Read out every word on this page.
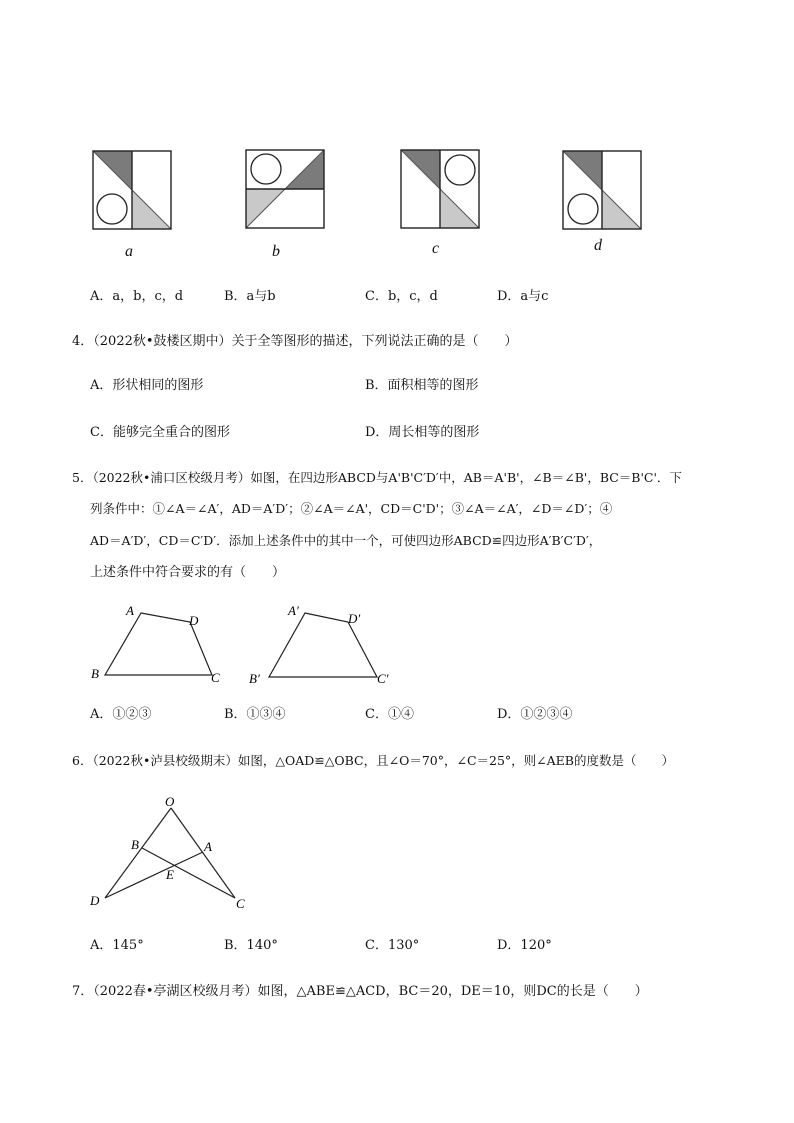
a	b	c	d
A．a，b，c，d	B．a与b	C．b，c，d	D．a与c
4．（2022秋•鼓楼区期中）关于全等图形的描述，下列说法正确的是（　　）
A．形状相同的图形	B．面积相等的图形
C．能够完全重合的图形	D．周长相等的图形
5．（2022秋•浦口区校级月考）如图，在四边形ABCD与A'B'C′D′中，AB＝A'B'，∠B＝∠B'，BC＝B'C'．下
列条件中：①∠A＝∠A′，AD＝A′D′；②∠A＝∠A'，CD＝C'D'；③∠A＝∠A′，∠D＝∠D′；④
AD＝A′D′，CD＝C′D′．添加上述条件中的其中一个，可使四边形ABCD≌四边形A′B′C′D′，
上述条件中符合要求的有（　　）
A
D
B	C
A′
D′
B′	C′
A．①②③	B．①③④	C．①④	D．①②③④
6．（2022秋•泸县校级期末）如图，△OAD≌△OBC，且∠O＝70°，∠C＝25°，则∠AEB的度数是（　　）
O
B	A
E
D	C
A．145°	B．140°	C．130°	D．120°
7．（2022春•亭湖区校级月考）如图，△ABE≌△ACD，BC＝20，DE＝10，则DC的长是（　　）
